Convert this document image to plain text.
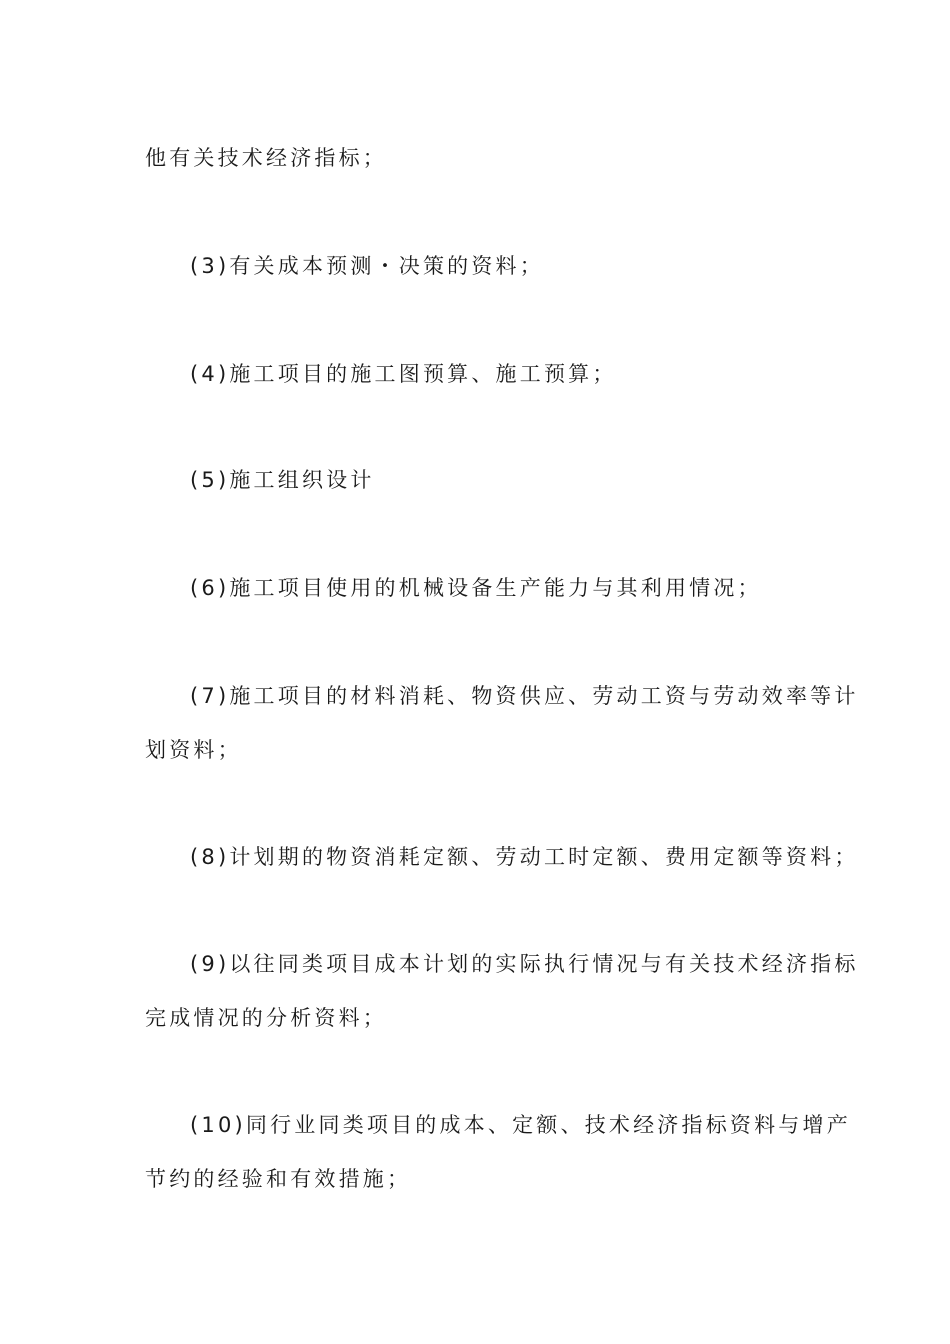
他有关技术经济指标；
(3)有关成本预测・决策的资料；
(4)施工项目的施工图预算、施工预算；
(5)施工组织设计
(6)施工项目使用的机械设备生产能力与其利用情况；
(7)施工项目的材料消耗、物资供应、劳动工资与劳动效率等计
划资料；
(8)计划期的物资消耗定额、劳动工时定额、费用定额等资料；
(9)以往同类项目成本计划的实际执行情况与有关技术经济指标
完成情况的分析资料；
(10)同行业同类项目的成本、定额、技术经济指标资料与增产
节约的经验和有效措施；
